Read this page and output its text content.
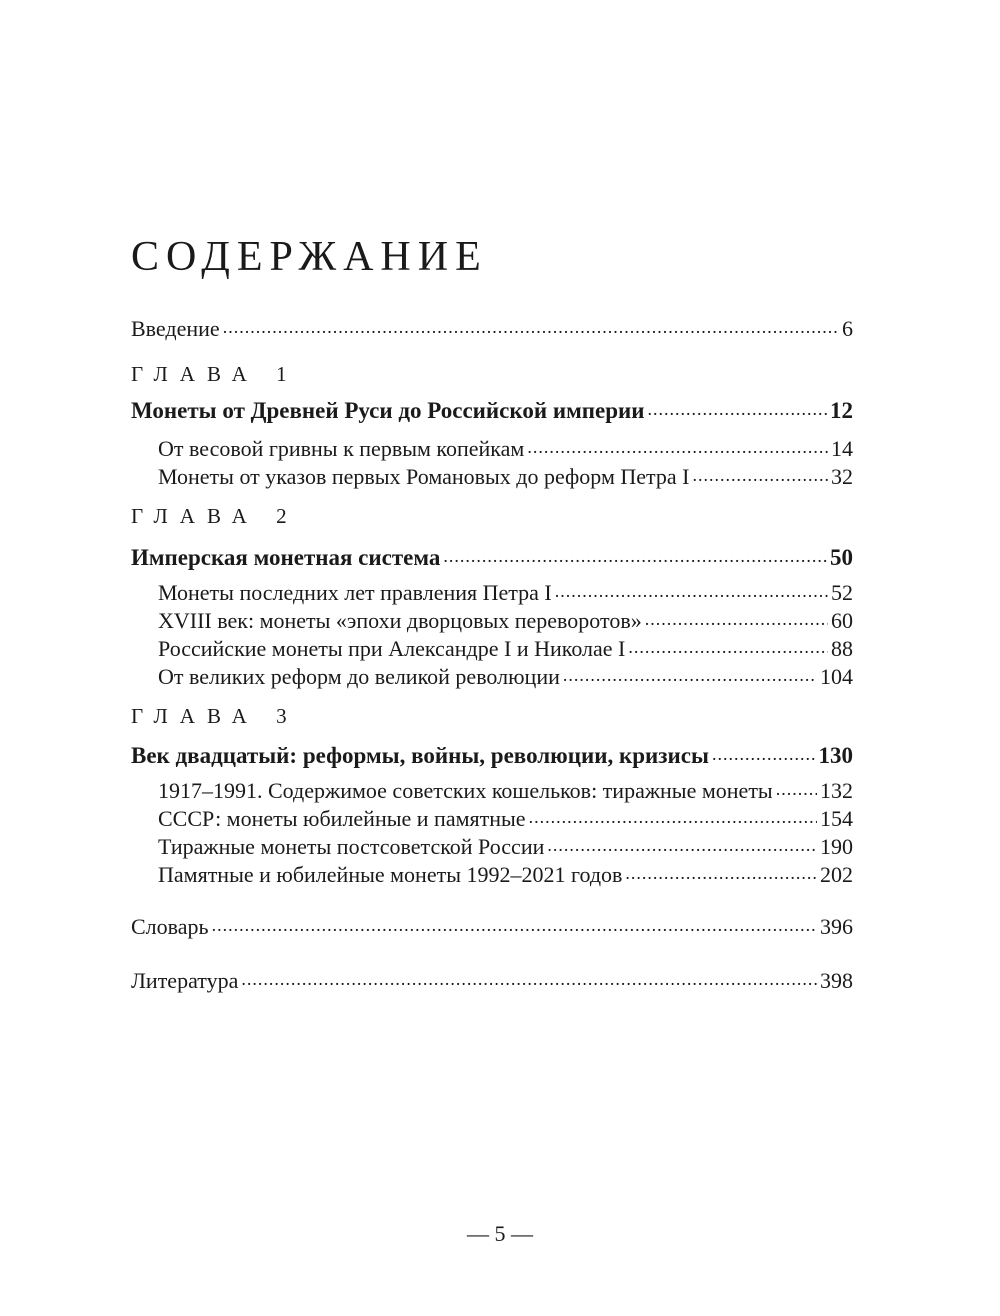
СОДЕРЖАНИЕ
Введение .....	6
ГЛАВА 1
Монеты от Древней Руси до Российской империи .....	12
От весовой гривны к первым копейкам .....	14
Монеты от указов первых Романовых до реформ Петра I .....	32
ГЛАВА 2
Имперская монетная система .....	50
Монеты последних лет правления Петра I .....	52
XVIII век: монеты «эпохи дворцовых переворотов» .....	60
Российские монеты при Александре I и Николае I .....	88
От великих реформ до великой революции .....	104
ГЛАВА 3
Век двадцатый: реформы, войны, революции, кризисы .....	130
1917–1991. Содержимое советских кошельков: тиражные монеты ..... 132
СССР: монеты юбилейные и памятные .....	154
Тиражные монеты постсоветской России .....	190
Памятные и юбилейные монеты 1992–2021 годов .....	202
Словарь .....	396
Литература .....	398
— 5 —
